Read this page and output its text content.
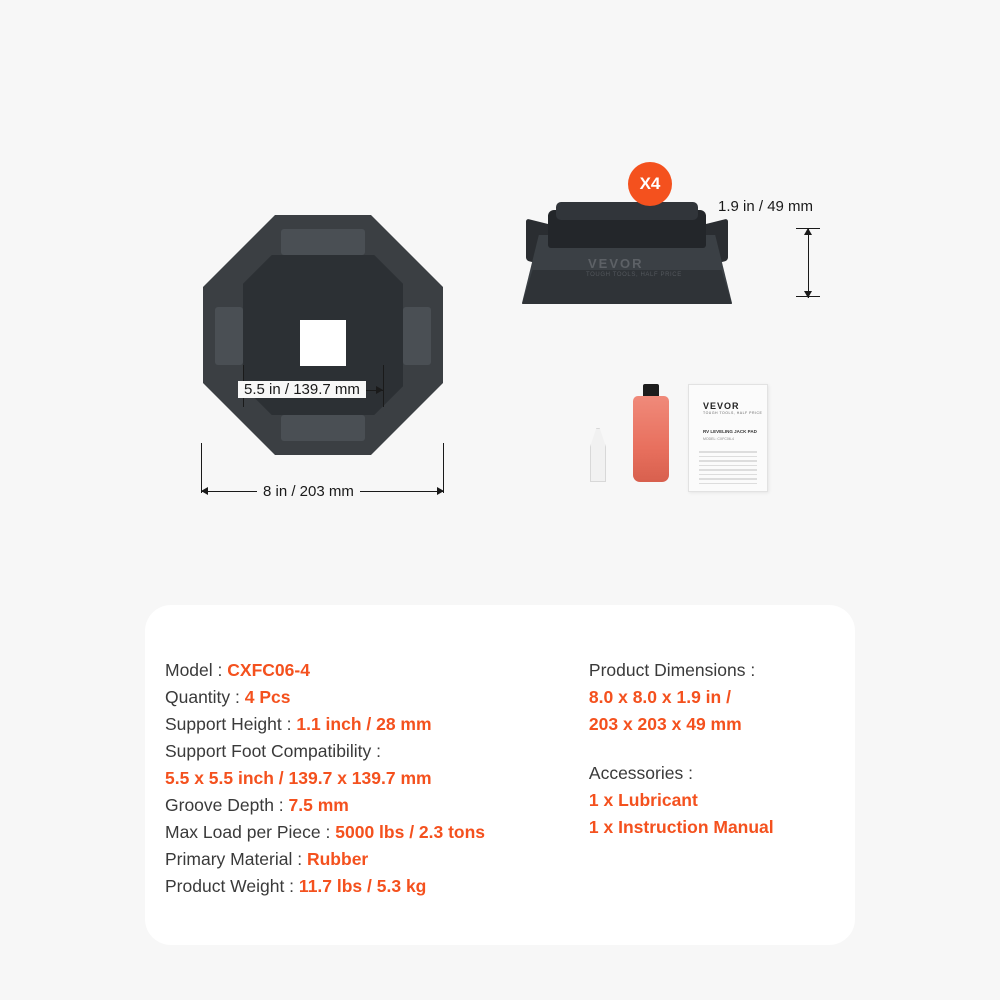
5.5 in / 139.7 mm
8 in / 203 mm
VEVOR
TOUGH TOOLS, HALF PRICE
X4
1.9 in / 49 mm
VEVOR
TOUGH TOOLS, HALF PRICE
RV LEVELING JACK PAD
MODEL: CXFC06-4
Model : CXFC06-4
Quantity : 4 Pcs
Support Height : 1.1 inch / 28 mm
Support Foot Compatibility :
5.5 x 5.5 inch / 139.7 x 139.7 mm
Groove Depth : 7.5 mm
Max Load per Piece : 5000 lbs / 2.3 tons
Primary Material : Rubber
Product Weight : 11.7 lbs / 5.3 kg
Product Dimensions :
8.0 x 8.0 x 1.9 in /
203 x 203 x 49 mm
Accessories :
1 x Lubricant
1 x Instruction Manual
